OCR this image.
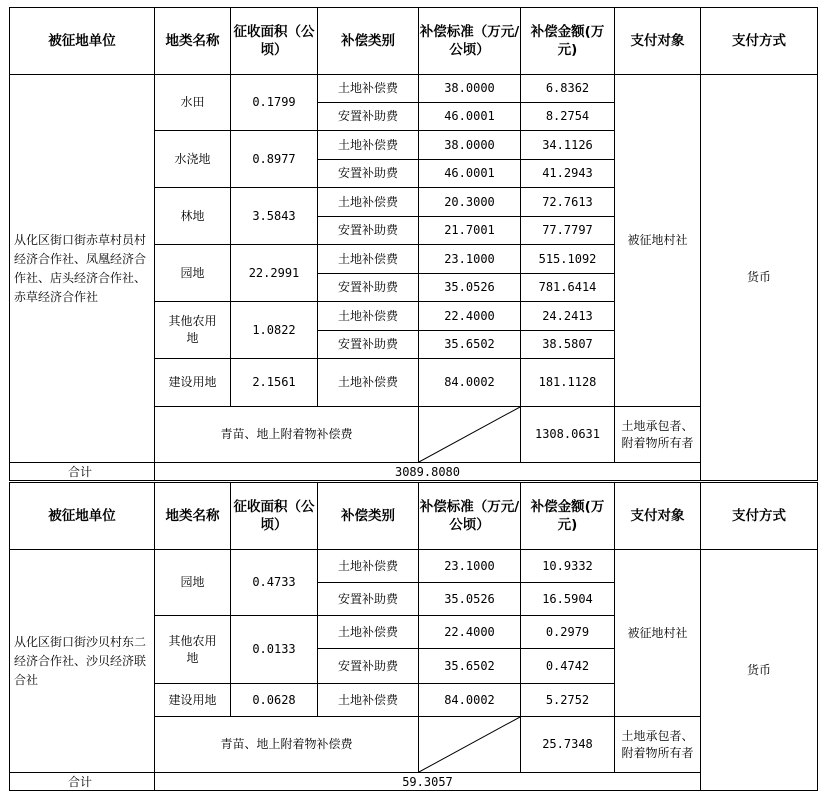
被征地单位	地类名称	征收面积（公顷）	补偿类别	补偿标准（万元/公顷）	补偿金额(万元)	支付对象	支付方式
从化区街口街赤草村员村经济合作社、凤凰经济合作社、店头经济合作社、赤草经济合作社	水田	0.1799	土地补偿费	38.0000	6.8362	被征地村社	货币
			安置补助费	46.0001	8.2754		
	水浇地	0.8977	土地补偿费	38.0000	34.1126		
			安置补助费	46.0001	41.2943		
	林地	3.5843	土地补偿费	20.3000	72.7613		
			安置补助费	21.7001	77.7797		
	园地	22.2991	土地补偿费	23.1000	515.1092		
			安置补助费	35.0526	781.6414		
	其他农用地	1.0822	土地补偿费	22.4000	24.2413		
			安置补助费	35.6502	38.5807		
	建设用地	2.1561	土地补偿费	84.0002	181.1128		
	青苗、地上附着物补偿费				1308.0631	土地承包者、附着物所有者	
合计	3089.8080						
被征地单位	地类名称	征收面积（公顷）	补偿类别	补偿标准（万元/公顷）	补偿金额(万元)	支付对象	支付方式
从化区街口街沙贝村东二经济合作社、沙贝经济联合社	园地	0.4733	土地补偿费	23.1000	10.9332	被征地村社	货币
			安置补助费	35.0526	16.5904		
	其他农用地	0.0133	土地补偿费	22.4000	0.2979		
			安置补助费	35.6502	0.4742		
	建设用地	0.0628	土地补偿费	84.0002	5.2752		
	青苗、地上附着物补偿费				25.7348	土地承包者、附着物所有者	
合计	59.3057						
